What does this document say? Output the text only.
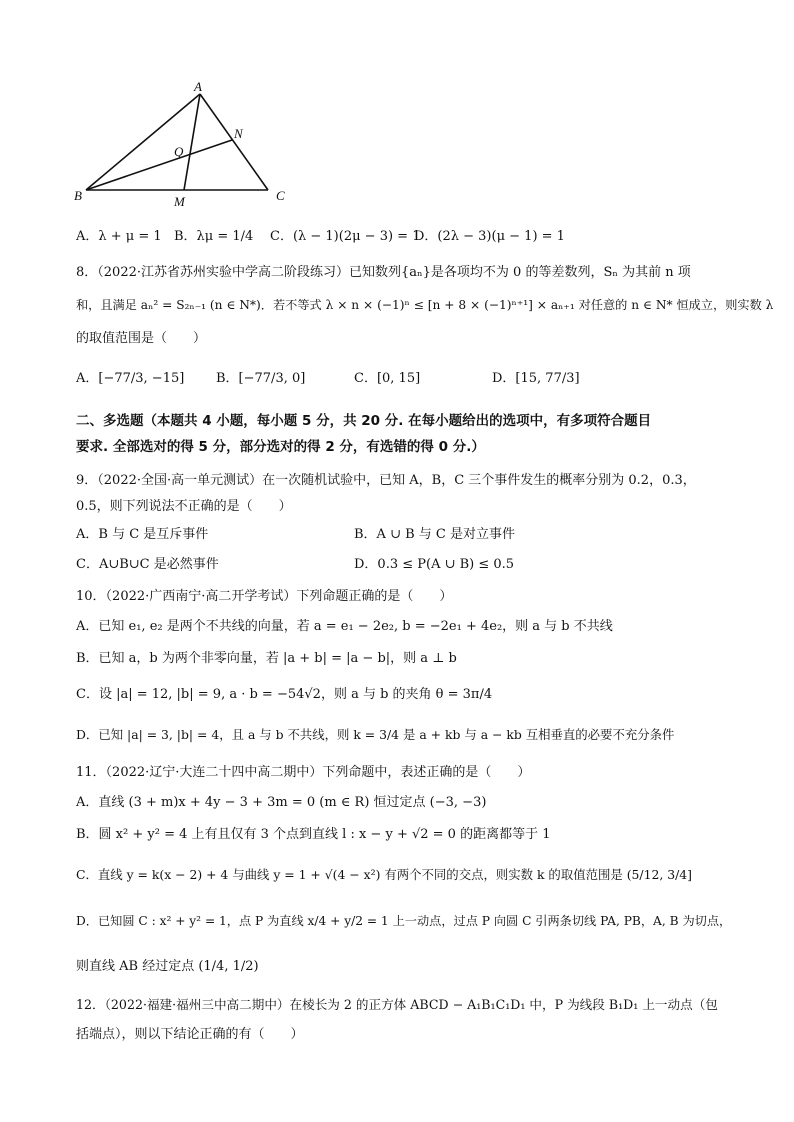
A
B	C
M
N
Q
A．λ + μ = 1 B．λμ = 1/4 C．(λ − 1)(2μ − 3) = 1
D．(2λ − 3)(μ − 1) = 1
8．（2022·江苏省苏州实验中学高二阶段练习）已知数列{aₙ}是各项均不为 0 的等差数列，Sₙ 为其前 n 项
和，且满足 aₙ² = S₂ₙ₋₁ (n ∈ N*)．若不等式 λ × n × (−1)ⁿ ≤ [n + 8 × (−1)ⁿ⁺¹] × aₙ₊₁ 对任意的 n ∈ N* 恒成立，则实数 λ
的取值范围是（　　）
A．[−77/3, −15] B．[−77/3, 0]	C．[0, 15]	D．[15, 77/3]
二、多选题（本题共 4 小题，每小题 5 分，共 20 分. 在每小题给出的选项中，有多项符合题目
要求. 全部选对的得 5 分，部分选对的得 2 分，有选错的得 0 分.）
9．（2022·全国·高一单元测试）在一次随机试验中，已知 A，B，C 三个事件发生的概率分别为 0.2，0.3，
0.5，则下列说法不正确的是（　　）
A．B 与 C 是互斥事件	B．A ∪ B 与 C 是对立事件
C．A∪B∪C 是必然事件	D．0.3 ≤ P(A ∪ B) ≤ 0.5
10．（2022·广西南宁·高二开学考试）下列命题正确的是（　　）
A．已知 e₁, e₂ 是两个不共线的向量，若 a = e₁ − 2e₂, b = −2e₁ + 4e₂，则 a 与 b 不共线
B．已知 a，b 为两个非零向量，若 |a + b| = |a − b|，则 a ⊥ b
C．设 |a| = 12, |b| = 9, a · b = −54√2，则 a 与 b 的夹角 θ = 3π/4
D．已知 |a| = 3, |b| = 4，且 a 与 b 不共线，则 k = 3/4 是 a + kb 与 a − kb 互相垂直的必要不充分条件
11．（2022·辽宁·大连二十四中高二期中）下列命题中，表述正确的是（　　）
A．直线 (3 + m)x + 4y − 3 + 3m = 0 (m ∈ R) 恒过定点 (−3, −3)
B．圆 x² + y² = 4 上有且仅有 3 个点到直线 l : x − y + √2 = 0 的距离都等于 1
C．直线 y = k(x − 2) + 4 与曲线 y = 1 + √(4 − x²) 有两个不同的交点，则实数 k 的取值范围是 (5/12, 3/4]
D．已知圆 C : x² + y² = 1，点 P 为直线 x/4 + y/2 = 1 上一动点，过点 P 向圆 C 引两条切线 PA, PB，A, B 为切点，
则直线 AB 经过定点 (1/4, 1/2)
12．（2022·福建·福州三中高二期中）在棱长为 2 的正方体 ABCD − A₁B₁C₁D₁ 中，P 为线段 B₁D₁ 上一动点（包
括端点），则以下结论正确的有（　　）
